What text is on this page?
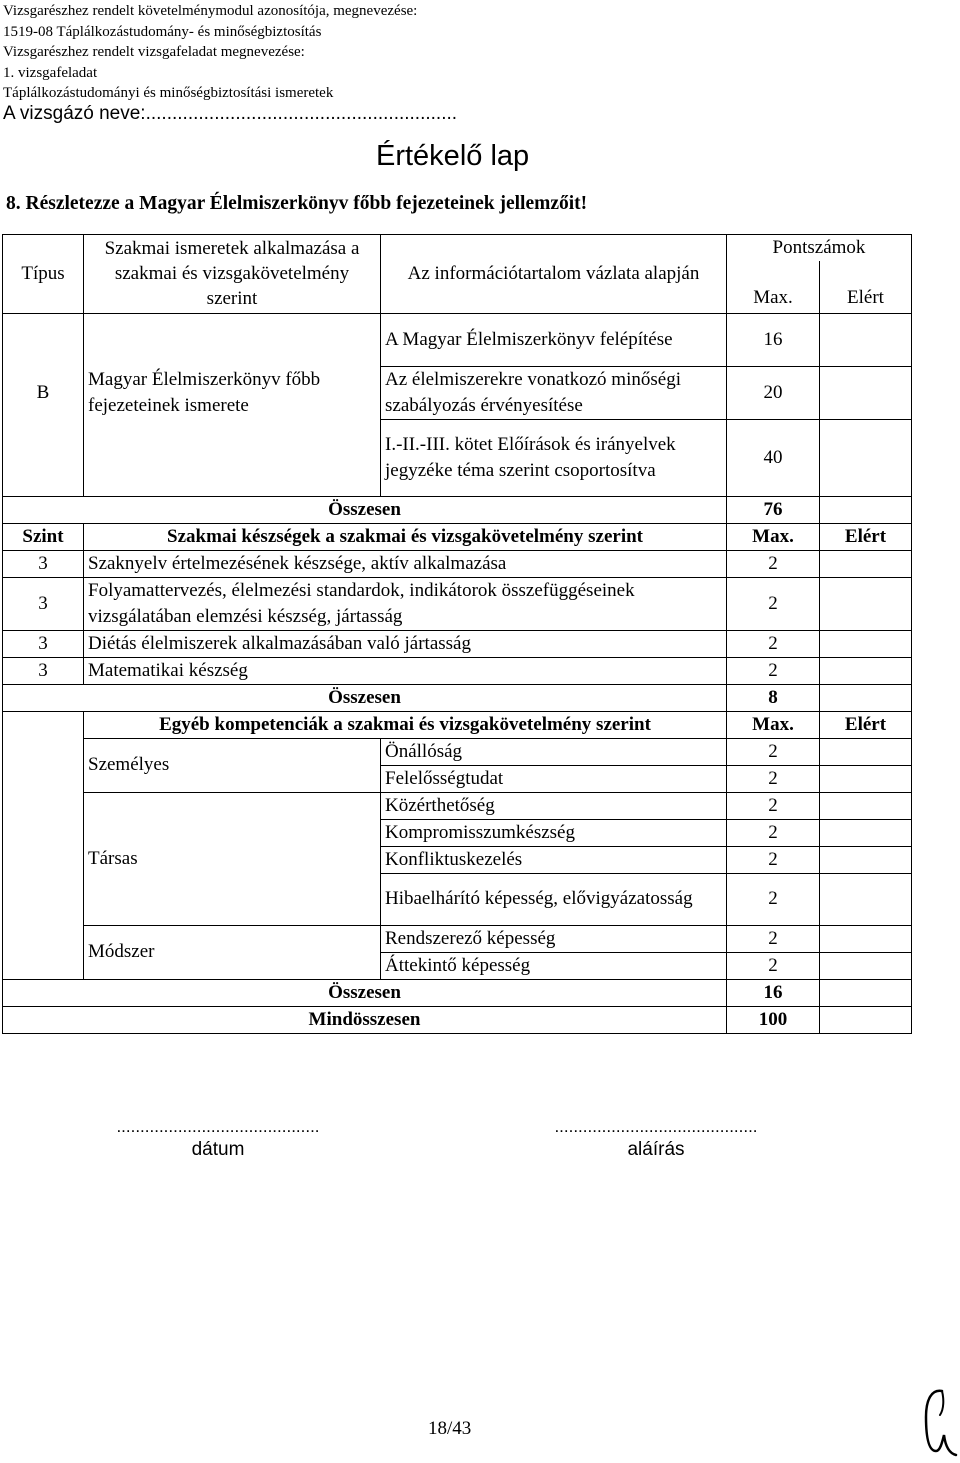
Vizsgarészhez rendelt követelménymodul azonosítója, megnevezése:
1519-08 Táplálkozástudomány- és minőségbiztosítás
Vizsgarészhez rendelt vizsgafeladat megnevezése:
1. vizsgafeladat
Táplálkozástudományi és minőségbiztosítási ismeretek
A vizsgázó neve:...........................................................
Értékelő lap
8. Részletezze a Magyar Élelmiszerkönyv főbb fejezeteinek jellemzőit!
Típus	Szakmai ismeretek alkalmazása a szakmai és vizsgakövetelmény szerint	Az információtartalom vázlata alapján	Pontszámok	
			Max.	Elért
B	Magyar Élelmiszerkönyv főbb fejezeteinek ismerete	A Magyar Élelmiszerkönyv felépítése	16	
		Az élelmiszerekre vonatkozó minőségi szabályozás érvényesítése	20	
		I.-II.-III. kötet Előírások és irányelvek jegyzéke téma szerint csoportosítva	40	
Összesen			76	
Szint	Szakmai készségek a szakmai és vizsgakövetelmény szerint		Max.	Elért
3	Szaknyelv értelmezésének készsége, aktív alkalmazása		2	
3	Folyamattervezés, élelmezési standardok, indikátorok összefüggéseinek vizsgálatában elemzési készség, jártasság		2	
3	Diétás élelmiszerek alkalmazásában való jártasság		2	
3	Matematikai készség		2	
Összesen			8	
	Egyéb kompetenciák a szakmai és vizsgakövetelmény szerint		Max.	Elért
	Személyes	Önállóság	2	
		Felelősségtudat	2	
	Társas	Közérthetőség	2	
		Kompromisszumkészség	2	
		Konfliktuskezelés	2	
		Hibaelhárító képesség, elővigyázatosság	2	
	Módszer	Rendszerező képesség	2	
		Áttekintő képesség	2	
Összesen			16	
Mindösszesen			100	
...........................................
dátum
...........................................
aláírás
18/43
